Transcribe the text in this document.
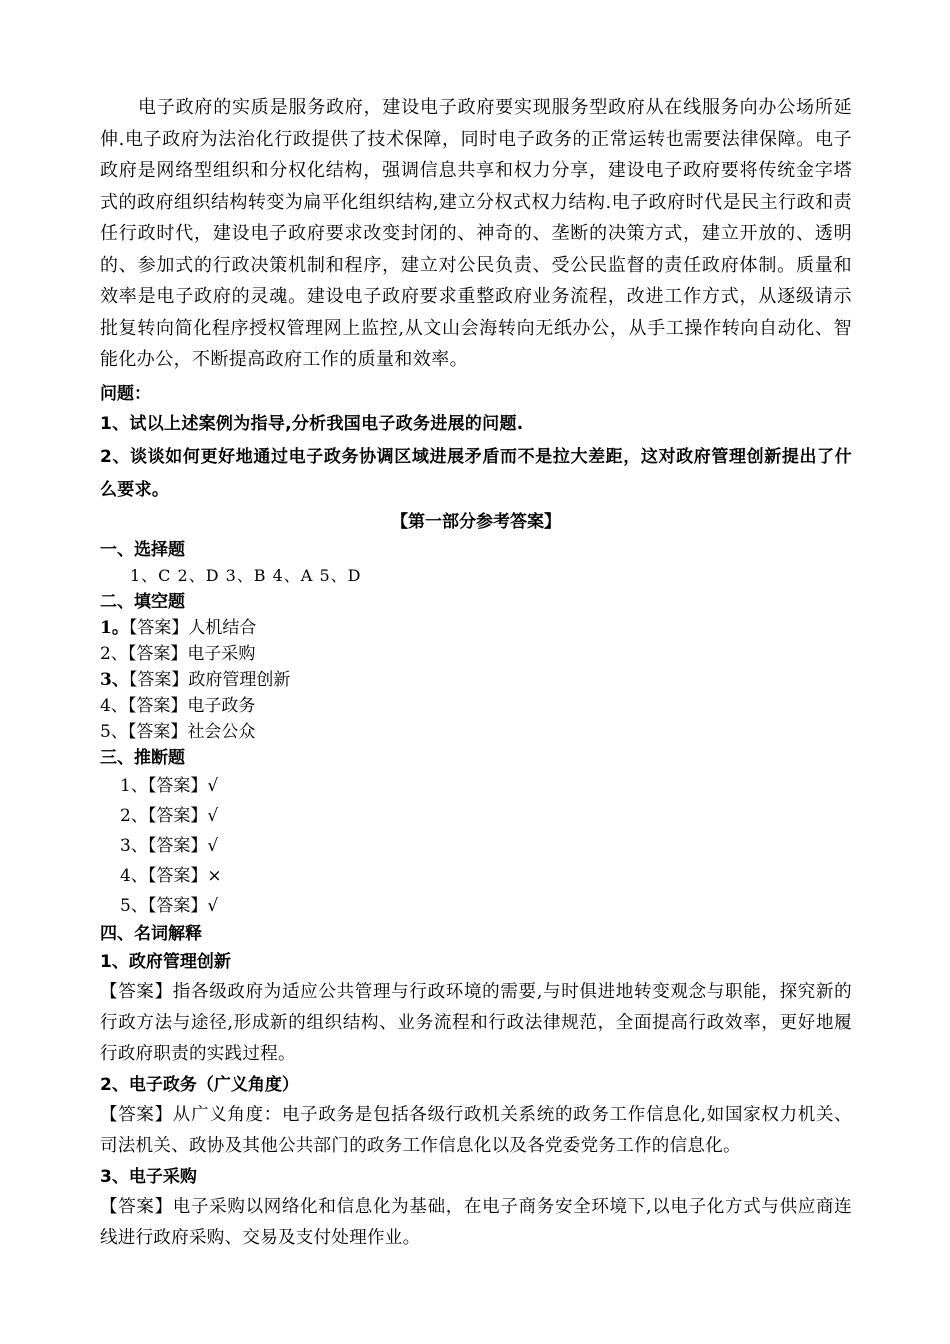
电子政府的实质是服务政府，建设电子政府要实现服务型政府从在线服务向办公场所延伸.电子政府为法治化行政提供了技术保障，同时电子政务的正常运转也需要法律保障。电子政府是网络型组织和分权化结构，强调信息共享和权力分享，建设电子政府要将传统金字塔式的政府组织结构转变为扁平化组织结构,建立分权式权力结构.电子政府时代是民主行政和责任行政时代，建设电子政府要求改变封闭的、神奇的、垄断的决策方式，建立开放的、透明的、参加式的行政决策机制和程序，建立对公民负责、受公民监督的责任政府体制。质量和效率是电子政府的灵魂。建设电子政府要求重整政府业务流程，改进工作方式，从逐级请示批复转向简化程序授权管理网上监控,从文山会海转向无纸办公，从手工操作转向自动化、智能化办公，不断提高政府工作的质量和效率。

问题：

1、试以上述案例为指导,分析我国电子政务进展的问题.

2、谈谈如何更好地通过电子政务协调区域进展矛盾而不是拉大差距，这对政府管理创新提出了什么要求。

【第一部分参考答案】

一、选择题

1、C 2、D 3、B 4、A 5、D

二、填空题

1。【答案】人机结合

2、【答案】电子采购

3、【答案】政府管理创新

4、【答案】电子政务

5、【答案】社会公众

三、推断题

1、【答案】√

2、【答案】√

3、【答案】√

4、【答案】×

5、【答案】√

四、名词解释

1、政府管理创新

【答案】指各级政府为适应公共管理与行政环境的需要,与时俱进地转变观念与职能，探究新的行政方法与途径,形成新的组织结构、业务流程和行政法律规范，全面提高行政效率，更好地履行政府职责的实践过程。

2、电子政务（广义角度）

【答案】从广义角度：电子政务是包括各级行政机关系统的政务工作信息化,如国家权力机关、司法机关、政协及其他公共部门的政务工作信息化以及各党委党务工作的信息化。

3、电子采购

【答案】电子采购以网络化和信息化为基础，在电子商务安全环境下,以电子化方式与供应商连线进行政府采购、交易及支付处理作业。
